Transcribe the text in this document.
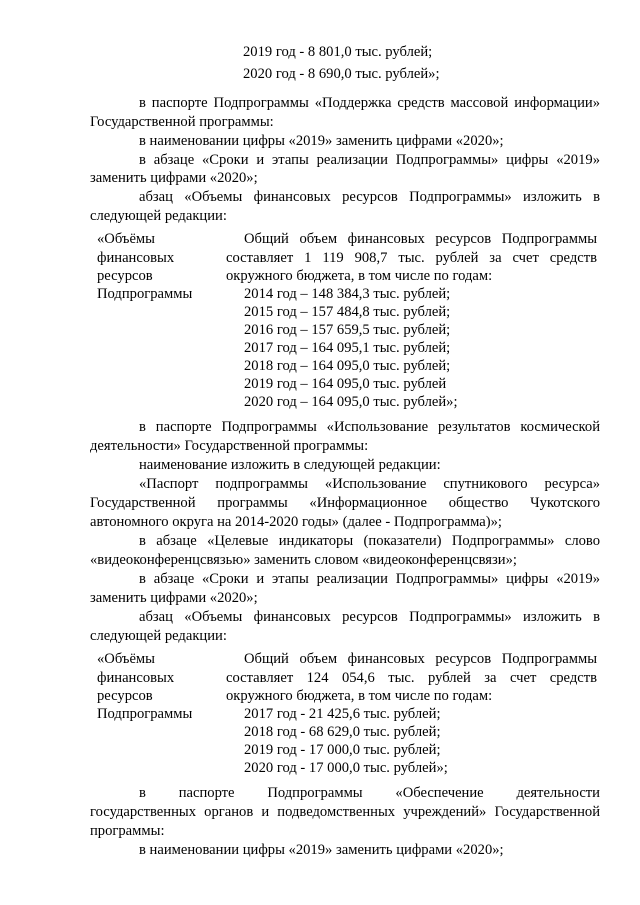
2019 год - 8 801,0 тыс. рублей;
2020 год - 8 690,0 тыс. рублей»;
в паспорте Подпрограммы «Поддержка средств массовой информации»
Государственной программы:
в наименовании цифры «2019» заменить цифрами «2020»;
в абзаце «Сроки и этапы реализации Подпрограммы» цифры «2019»
заменить цифрами «2020»;
абзац «Объемы финансовых ресурсов Подпрограммы» изложить в
следующей редакции:
«Объёмы
финансовых
ресурсов
Подпрограммы
Общий объем финансовых ресурсов Подпрограммы
составляет 1 119 908,7 тыс. рублей за счет средств
окружного бюджета, в том числе по годам:
2014 год – 148 384,3 тыс. рублей;
2015 год – 157 484,8 тыс. рублей;
2016 год – 157 659,5 тыс. рублей;
2017 год – 164 095,1 тыс. рублей;
2018 год – 164 095,0 тыс. рублей;
2019 год – 164 095,0 тыс. рублей
2020 год – 164 095,0 тыс. рублей»;
в паспорте Подпрограммы «Использование результатов космической
деятельности» Государственной программы:
наименование изложить в следующей редакции:
«Паспорт подпрограммы «Использование спутникового ресурса»
Государственной программы «Информационное общество Чукотского
автономного округа на 2014-2020 годы» (далее - Подпрограмма)»;
в абзаце «Целевые индикаторы (показатели) Подпрограммы» слово
«видеоконференцсвязью» заменить словом «видеоконференцсвязи»;
в абзаце «Сроки и этапы реализации Подпрограммы» цифры «2019»
заменить цифрами «2020»;
абзац «Объемы финансовых ресурсов Подпрограммы» изложить в
следующей редакции:
«Объёмы
финансовых
ресурсов
Подпрограммы
Общий объем финансовых ресурсов Подпрограммы
составляет 124 054,6 тыс. рублей за счет средств
окружного бюджета, в том числе по годам:
2017 год - 21 425,6 тыс. рублей;
2018 год - 68 629,0 тыс. рублей;
2019 год - 17 000,0 тыс. рублей;
2020 год - 17 000,0 тыс. рублей»;
в паспорте Подпрограммы «Обеспечение деятельности
государственных органов и подведомственных учреждений» Государственной
программы:
в наименовании цифры «2019» заменить цифрами «2020»;
